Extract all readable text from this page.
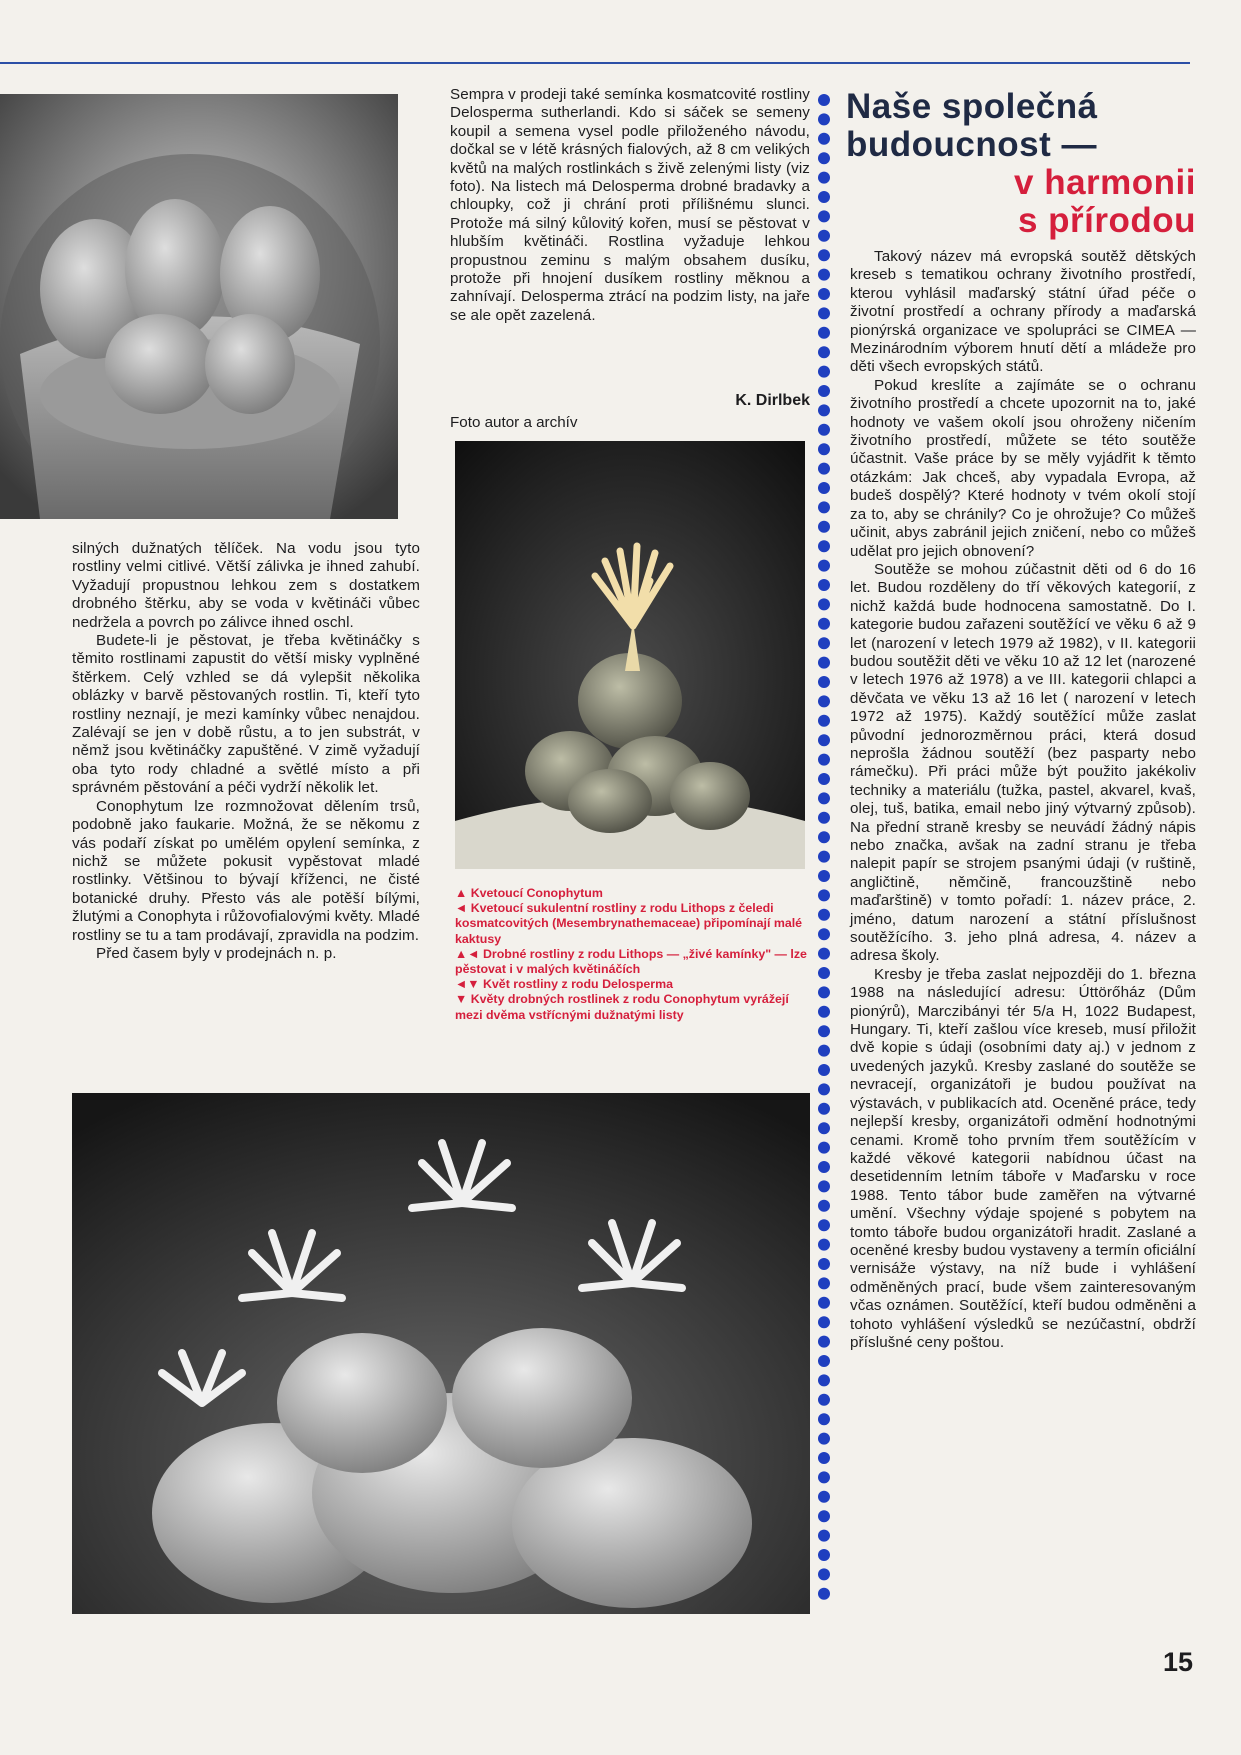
silných dužnatých tělíček. Na vodu jsou tyto rostliny velmi citlivé. Větší zálivka je ihned zahubí. Vyžadují propustnou lehkou zem s dostatkem drobného štěrku, aby se voda v květináči vůbec nedržela a povrch po zálivce ihned oschl.

Budete-li je pěstovat, je třeba květináčky s těmito rostlinami zapustit do větší misky vyplněné štěrkem. Celý vzhled se dá vylepšit několika oblázky v barvě pěstovaných rostlin. Ti, kteří tyto rostliny neznají, je mezi kamínky vůbec nenajdou. Zalévají se jen v době růstu, a to jen substrát, v němž jsou květináčky zapuštěné. V zimě vyžadují oba tyto rody chladné a světlé místo a při správném pěstování a péči vydrží několik let.

Conophytum lze rozmnožovat dělením trsů, podobně jako faukarie. Možná, že se někomu z vás podaří získat po umělém opylení semínka, z nichž se můžete pokusit vypěstovat mladé rostlinky. Většinou to bývají kříženci, ne čisté botanické druhy. Přesto vás ale potěší bílými, žlutými a Conophyta i růžovofialovými květy. Mladé rostliny se tu a tam prodávají, zpravidla na podzim.

Před časem byly v prodejnách n. p.

Sempra v prodeji také semínka kosmatcovité rostliny Delosperma sutherlandi. Kdo si sáček se semeny koupil a semena vysel podle přiloženého návodu, dočkal se v létě krásných fialových, až 8 cm velikých květů na malých rostlinkách s živě zelenými listy (viz foto). Na listech má Delosperma drobné bradavky a chloupky, což ji chrání proti přílišnému slunci. Protože má silný kůlovitý kořen, musí se pěstovat v hlubším květináči. Rostlina vyžaduje lehkou propustnou zeminu s malým obsahem dusíku, protože při hnojení dusíkem rostliny měknou a zahnívají. Delosperma ztrácí na podzim listy, na jaře se ale opět zazelená.

K. Dirlbek
Foto autor a archív

▲ Kvetoucí Conophytum

◄ Kvetoucí sukulentní rostliny z rodu Lithops z čeledi kosmatcovitých (Mesembrynathemaceae) připomínají malé kaktusy

▲◄ Drobné rostliny z rodu Lithops — „živé kamínky" — lze pěstovat i v malých květináčích

◄▼ Květ rostliny z rodu Delosperma

▼ Květy drobných rostlinek z rodu Conophytum vyrážejí mezi dvěma vstřícnými dužnatými listy

Naše společná
budoucnost —
v harmonii
s přírodou

Takový název má evropská soutěž dětských kreseb s tematikou ochrany životního prostředí, kterou vyhlásil maďarský státní úřad péče o životní prostředí a ochrany přírody a maďarská pionýrská organizace ve spolupráci se CIMEA — Mezinárodním výborem hnutí dětí a mládeže pro děti všech evropských států.

Pokud kreslíte a zajímáte se o ochranu životního prostředí a chcete upozornit na to, jaké hodnoty ve vašem okolí jsou ohroženy ničením životního prostředí, můžete se této soutěže účastnit. Vaše práce by se měly vyjádřit k těmto otázkám: Jak chceš, aby vypadala Evropa, až budeš dospělý? Které hodnoty v tvém okolí stojí za to, aby se chránily? Co je ohrožuje? Co můžeš učinit, abys zabránil jejich zničení, nebo co můžeš udělat pro jejich obnovení?

Soutěže se mohou zúčastnit děti od 6 do 16 let. Budou rozděleny do tří věkových kategorií, z nichž každá bude hodnocena samostatně. Do I. kategorie budou zařazeni soutěžící ve věku 6 až 9 let (narození v letech 1979 až 1982), v II. kategorii budou soutěžit děti ve věku 10 až 12 let (narozené v letech 1976 až 1978) a ve III. kategorii chlapci a děvčata ve věku 13 až 16 let ( narození v letech 1972 až 1975). Každý soutěžící může zaslat původní jednorozměrnou práci, která dosud neprošla žádnou soutěží (bez pasparty nebo rámečku). Při práci může být použito jakékoliv techniky a materiálu (tužka, pastel, akvarel, kvaš, olej, tuš, batika, email nebo jiný výtvarný způsob). Na přední straně kresby se neuvádí žádný nápis nebo značka, avšak na zadní stranu je třeba nalepit papír se strojem psanými údaji (v ruštině, angličtině, němčině, francouzštině nebo maďarštině) v tomto pořadí: 1. název práce, 2. jméno, datum narození a státní příslušnost soutěžícího. 3. jeho plná adresa, 4. název a adresa školy.

Kresby je třeba zaslat nejpozději do 1. března 1988 na následující adresu: Úttörőház (Dům pionýrů), Marczibányi tér 5/a H, 1022 Budapest, Hungary. Ti, kteří zašlou více kreseb, musí přiložit dvě kopie s údaji (osobními daty aj.) v jednom z uvedených jazyků. Kresby zaslané do soutěže se nevracejí, organizátoři je budou používat na výstavách, v publikacích atd. Oceněné práce, tedy nejlepší kresby, organizátoři odmění hodnotnými cenami. Kromě toho prvním třem soutěžícím v každé věkové kategorii nabídnou účast na desetidenním letním táboře v Maďarsku v roce 1988. Tento tábor bude zaměřen na výtvarné umění. Všechny výdaje spojené s pobytem na tomto táboře budou organizátoři hradit. Zaslané a oceněné kresby budou vystaveny a termín oficiální vernisáže výstavy, na níž bude i vyhlášení odměněných prací, bude všem zainteresovaným včas oznámen. Soutěžící, kteří budou odměněni a tohoto vyhlášení výsledků se nezúčastní, obdrží příslušné ceny poštou.

15
